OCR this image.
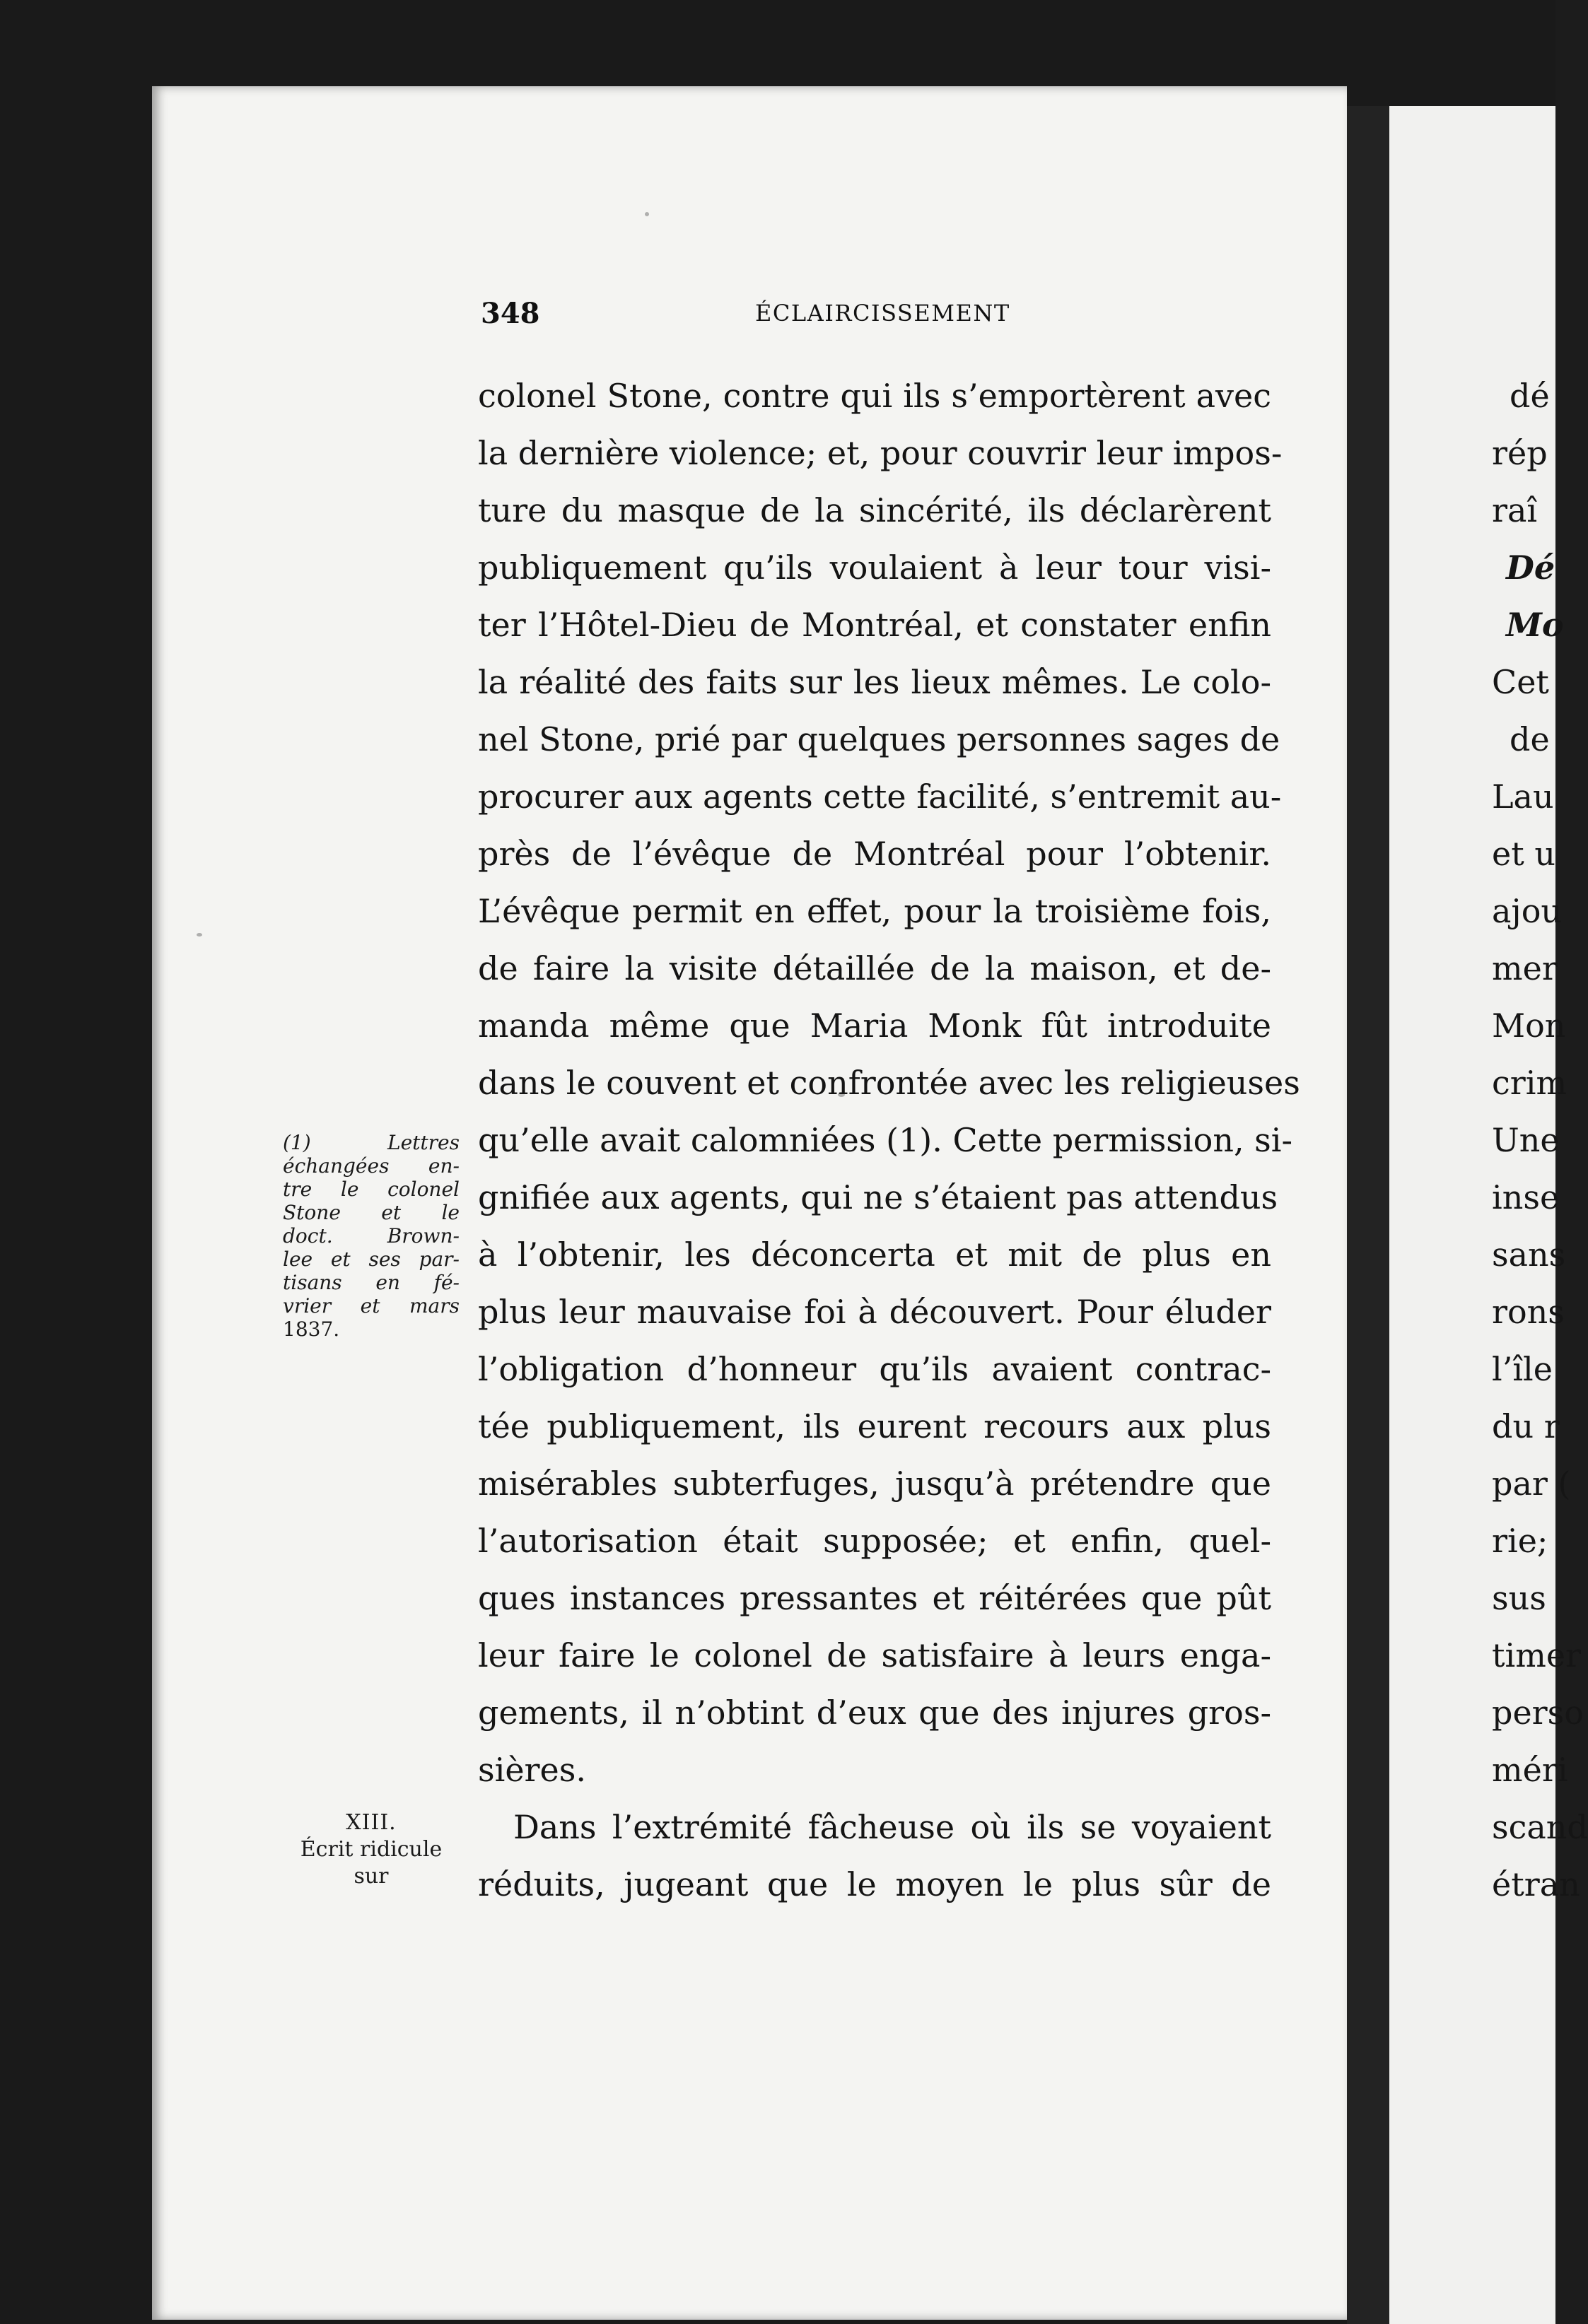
348	ÉCLAIRCISSEMENT
colonel Stone, contre qui ils s’emportèrent avec
la dernière violence; et, pour couvrir leur impos-
ture du masque de la sincérité, ils déclarèrent
publiquement qu’ils voulaient à leur tour visi-
ter l’Hôtel-Dieu de Montréal, et constater enfin
la réalité des faits sur les lieux mêmes. Le colo-
nel Stone, prié par quelques personnes sages de
procurer aux agents cette facilité, s’entremit au-
près de l’évêque de Montréal pour l’obtenir.
L’évêque permit en effet, pour la troisième fois,
de faire la visite détaillée de la maison, et de-
manda même que Maria Monk fût introduite
dans le couvent et confrontée avec les religieuses
qu’elle avait calomniées (1). Cette permission, si-
gnifiée aux agents, qui ne s’étaient pas attendus
à l’obtenir, les déconcerta et mit de plus en
plus leur mauvaise foi à découvert. Pour éluder
l’obligation d’honneur qu’ils avaient contrac-
tée publiquement, ils eurent recours aux plus
misérables subterfuges, jusqu’à prétendre que
l’autorisation était supposée; et enfin, quel-
ques instances pressantes et réitérées que pût
leur faire le colonel de satisfaire à leurs enga-
gements, il n’obtint d’eux que des injures gros-
sières.
Dans l’extrémité fâcheuse où ils se voyaient
réduits, jugeant que le moyen le plus sûr de
(1) Lettres
échangées en-
tre le colonel
Stone et le
doct. Brown-
lee et ses par-
tisans en fé-
vrier et mars
1837.
XIII.
Écrit ridicule
sur
dé
rép
raî
Dé
Mo
Cet
de
Lau
et u
ajou
mer
Mon
crim
Une
inse
sans
rons
l’île
du r
par (
rie;
sus
timer
perso
méri
scand
étran
